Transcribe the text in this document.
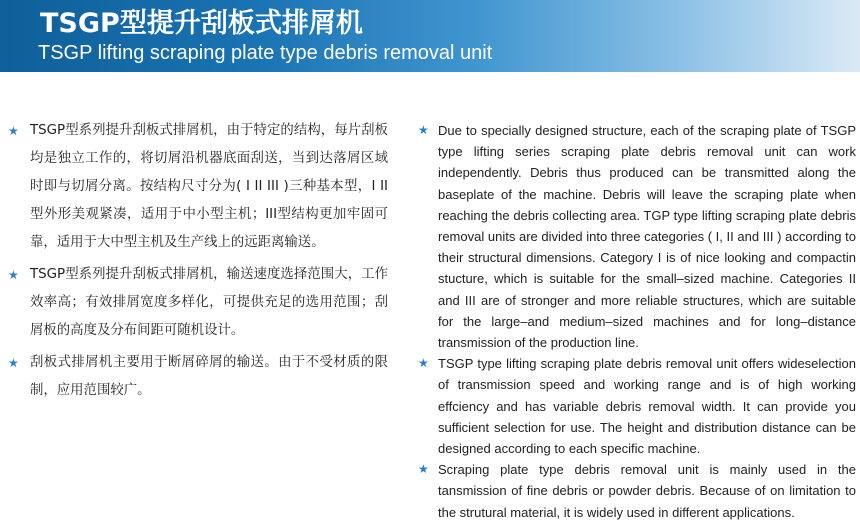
TSGP型提升刮板式排屑机
TSGP lifting scraping plate type debris removal unit
★ TSGP型系列提升刮板式排屑机，由于特定的结构，每片刮板均是独立工作的，将切屑沿机器底面刮送，当到达落屑区域时即与切屑分离。按结构尺寸分为( I II III )三种基本型，I II型外形美观紧凑，适用于中小型主机；III型结构更加牢固可靠，适用于大中型主机及生产线上的远距离输送。
★ TSGP型系列提升刮板式排屑机，输送速度选择范围大，工作效率高；有效排屑宽度多样化，可提供充足的选用范围；刮屑板的高度及分布间距可随机设计。
★ 刮板式排屑机主要用于断屑碎屑的输送。由于不受材质的限制，应用范围较广。
★ Due to specially designed structure, each of the scraping plate of TSGP type lifting series scraping plate debris removal unit can work independently. Debris thus produced can be transmitted along the baseplate of the machine. Debris will leave the scraping plate when reaching the debris collecting area. TGP type lifting scraping plate debris removal units are divided into three categories ( I, II and III ) according to their structural dimensions. Category I is of nice looking and compactin stucture, which is suitable for the small–sized machine. Categories II and III are of stronger and more reliable structures, which are suitable for the large–and medium–sized machines and for long–distance transmission of the production line.
★ TSGP type lifting scraping plate debris removal unit offers wideselection of transmission speed and working range and is of high working effciency and has variable debris removal width. It can provide you sufficient selection for use. The height and distribution distance can be designed according to each specific machine.
★ Scraping plate type debris removal unit is mainly used in the tansmission of fine debris or powder debris. Because of on limitation to the strutural material, it is widely used in different applications.
